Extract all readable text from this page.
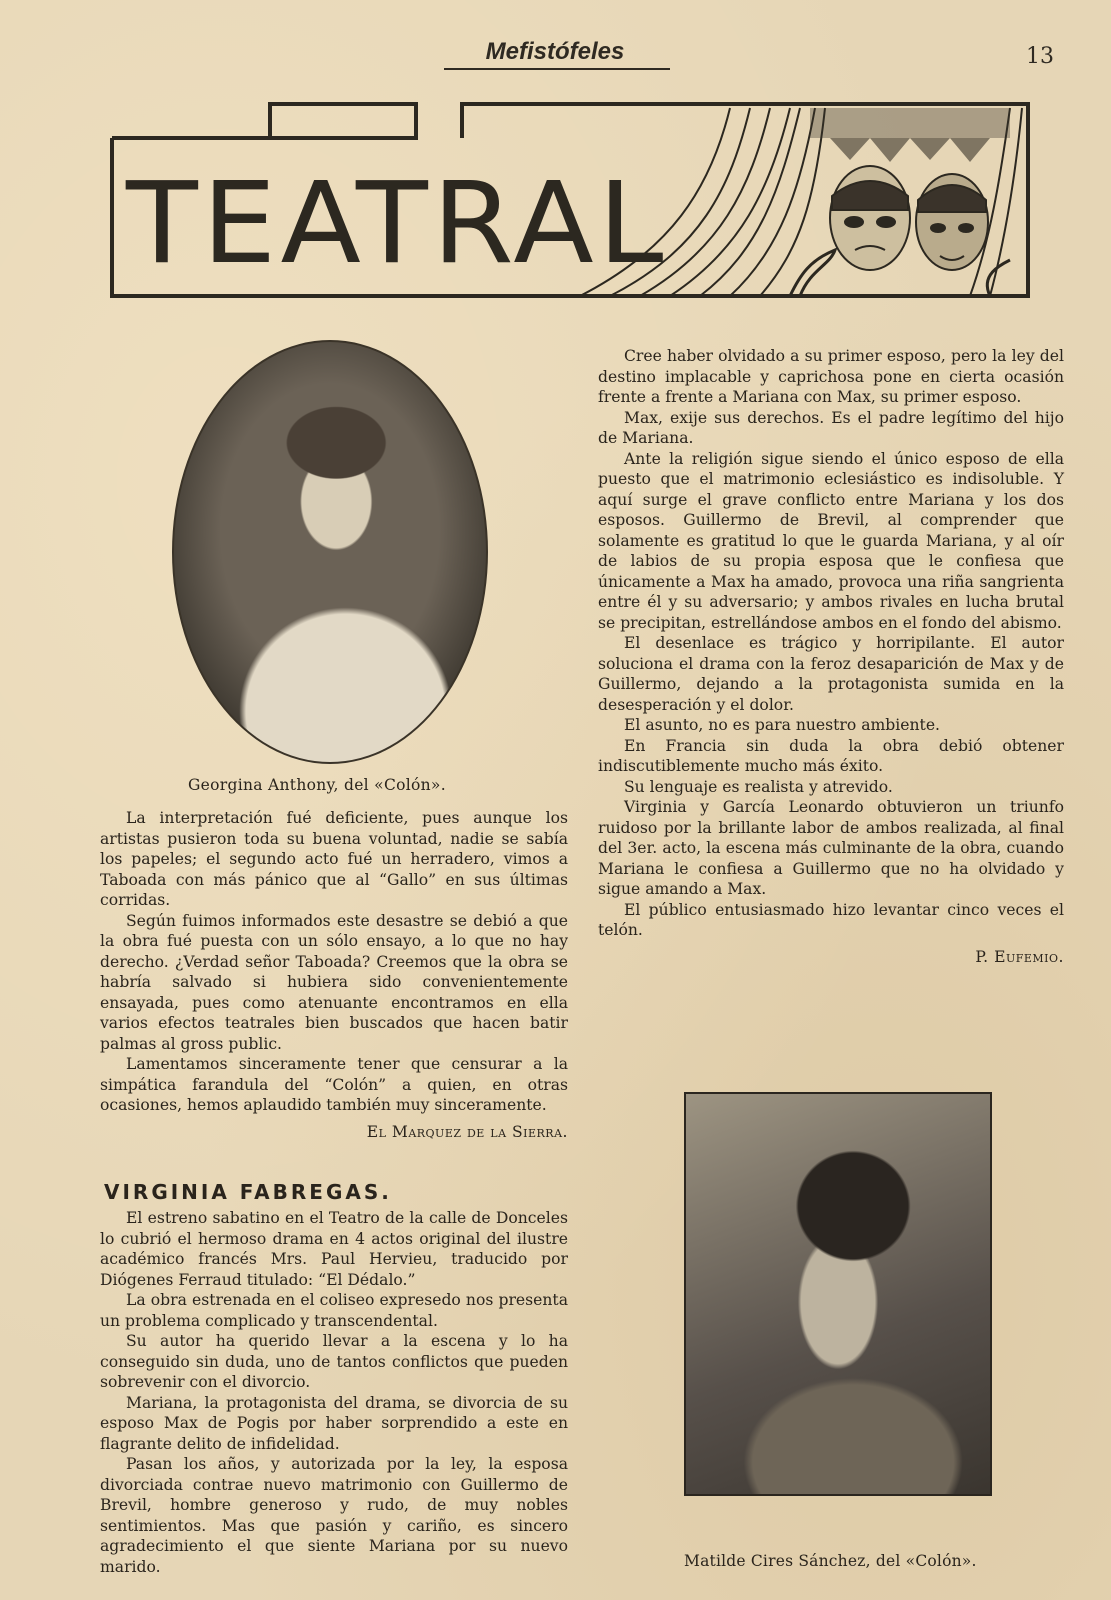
Mefistófeles	13
TEATRAL
Georgina Anthony, del «Colón».

La interpretación fué deficiente, pues aunque los artistas pusieron toda su buena voluntad, nadie se sabía los papeles; el segundo acto fué un herradero, vimos a Taboada con más pánico que al “Gallo” en sus últimas corridas.

Según fuimos informados este desastre se debió a que la obra fué puesta con un sólo ensayo, a lo que no hay derecho. ¿Verdad señor Taboada? Creemos que la obra se habría salvado si hubiera sido convenientemente ensayada, pues como atenuante encontramos en ella varios efectos teatrales bien buscados que hacen batir palmas al gross public.

Lamentamos sinceramente tener que censurar a la simpática farandula del “Colón” a quien, en otras ocasiones, hemos aplaudido también muy sinceramente.

El Marquez de la Sierra.

VIRGINIA FABREGAS.

El estreno sabatino en el Teatro de la calle de Donceles lo cubrió el hermoso drama en 4 actos original del ilustre académico francés Mrs. Paul Hervieu, traducido por Diógenes Ferraud titulado: “El Dédalo.”

La obra estrenada en el coliseo expresedo nos presenta un problema complicado y transcendental.

Su autor ha querido llevar a la escena y lo ha conseguido sin duda, uno de tantos conflictos que pueden sobrevenir con el divorcio.

Mariana, la protagonista del drama, se divorcia de su esposo Max de Pogis por haber sorprendido a este en flagrante delito de infidelidad.

Pasan los años, y autorizada por la ley, la esposa divorciada contrae nuevo matrimonio con Guillermo de Brevil, hombre generoso y rudo, de muy nobles sentimientos. Mas que pasión y cariño, es sincero agradecimiento el que siente Mariana por su nuevo marido.

Cree haber olvidado a su primer esposo, pero la ley del destino implacable y caprichosa pone en cierta ocasión frente a frente a Mariana con Max, su primer esposo.

Max, exije sus derechos. Es el padre legítimo del hijo de Mariana.

Ante la religión sigue siendo el único esposo de ella puesto que el matrimonio eclesiástico es indisoluble. Y aquí surge el grave conflicto entre Mariana y los dos esposos. Guillermo de Brevil, al comprender que solamente es gratitud lo que le guarda Mariana, y al oír de labios de su propia esposa que le confiesa que únicamente a Max ha amado, provoca una riña sangrienta entre él y su adversario; y ambos rivales en lucha brutal se precipitan, estrellándose ambos en el fondo del abismo.

El desenlace es trágico y horripilante. El autor soluciona el drama con la feroz desaparición de Max y de Guillermo, dejando a la protagonista sumida en la desesperación y el dolor.

El asunto, no es para nuestro ambiente.

En Francia sin duda la obra debió obtener indiscutiblemente mucho más éxito.

Su lenguaje es realista y atrevido.

Virginia y García Leonardo obtuvieron un triunfo ruidoso por la brillante labor de ambos realizada, al final del 3er. acto, la escena más culminante de la obra, cuando Mariana le confiesa a Guillermo que no ha olvidado y sigue amando a Max.

El público entusiasmado hizo levantar cinco veces el telón.

P. Eufemio.

Matilde Cires Sánchez, del «Colón».
